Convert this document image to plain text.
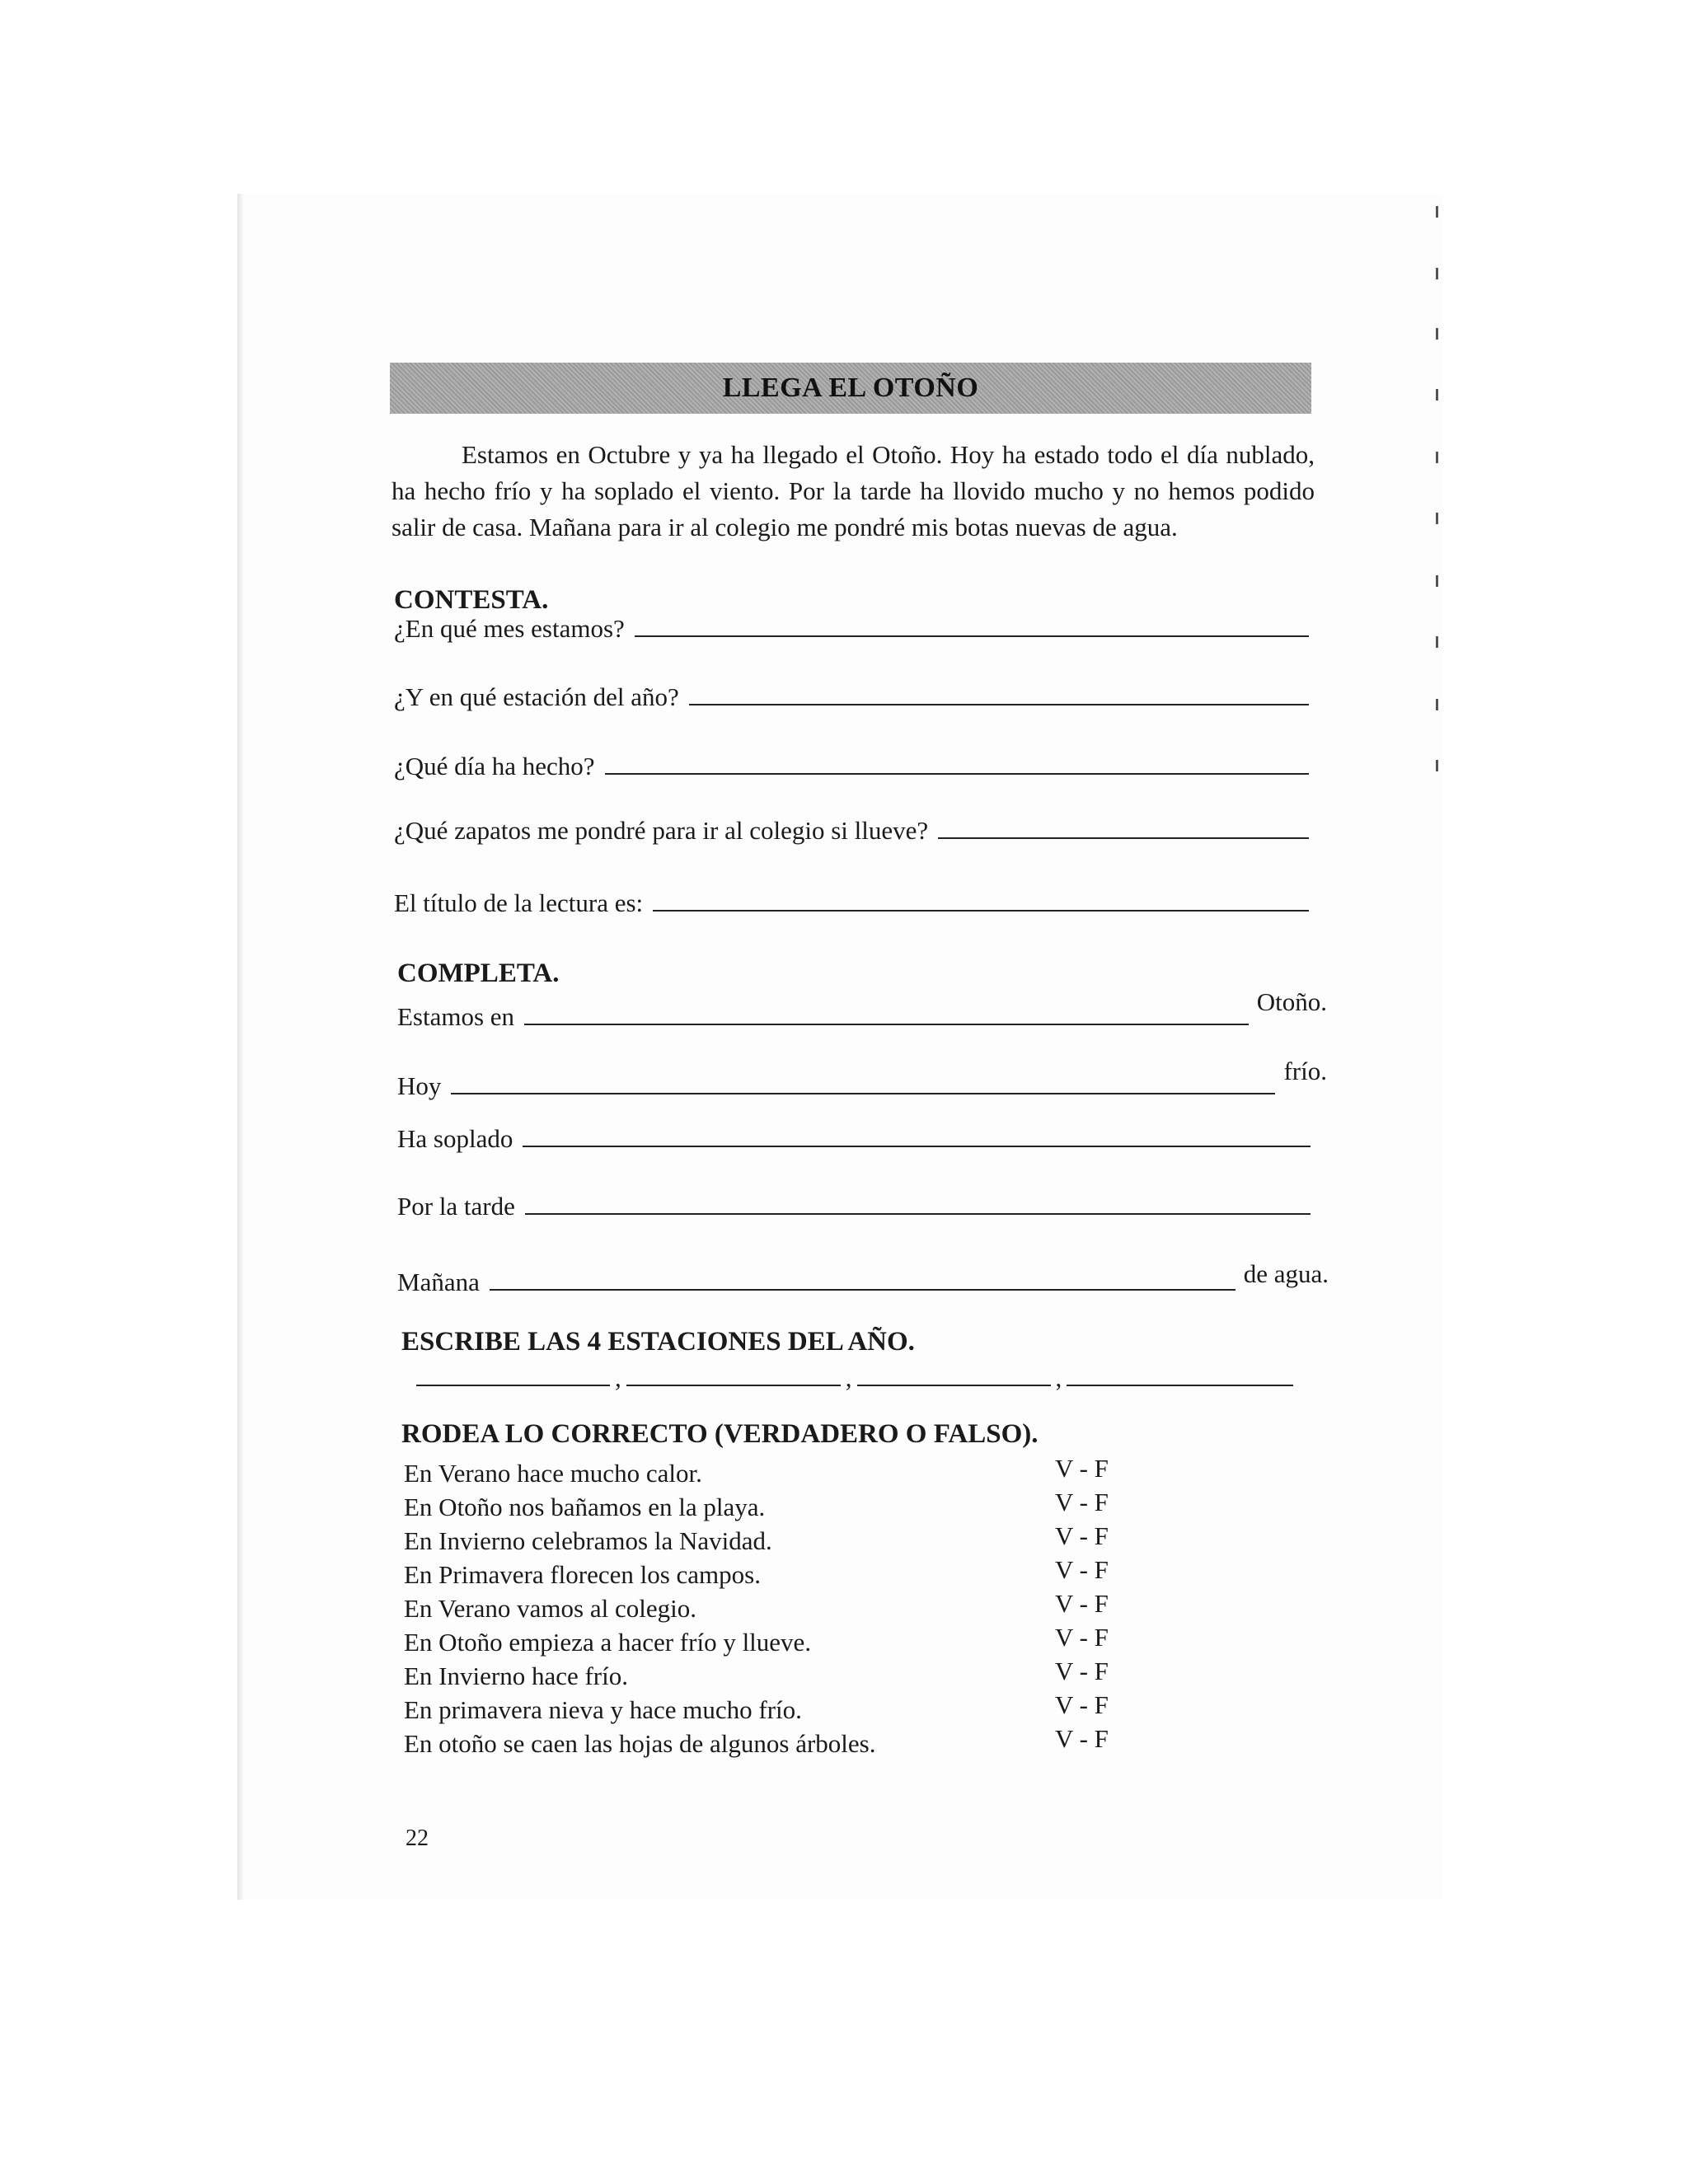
LLEGA EL OTOÑO

Estamos en Octubre y ya ha llegado el Otoño. Hoy ha estado todo el día nublado, ha hecho frío y ha soplado el viento. Por la tarde ha llovido mucho y no hemos podido salir de casa. Mañana para ir al colegio me pondré mis botas nuevas de agua.

CONTESTA.
¿En qué mes estamos?
¿Y en qué estación del año?
¿Qué día ha hecho?
¿Qué zapatos me pondré para ir al colegio si llueve?
El título de la lectura es:
COMPLETA.
Estamos en
Otoño.
Hoy
frío.
Ha soplado
Por la tarde
Mañana	de agua.
ESCRIBE LAS 4 ESTACIONES DEL AÑO.
,	,	,
RODEA LO CORRECTO (VERDADERO O FALSO).
En Verano hace mucho calor.	V - F
En Otoño nos bañamos en la playa.	V - F
En Invierno celebramos la Navidad.	V - F
En Primavera florecen los campos.	V - F
En Verano vamos al colegio.	V - F
En Otoño empieza a hacer frío y llueve.	V - F
En Invierno hace frío.	V - F
En primavera nieva y hace mucho frío.	V - F
En otoño se caen las hojas de algunos árboles.	V - F
22
